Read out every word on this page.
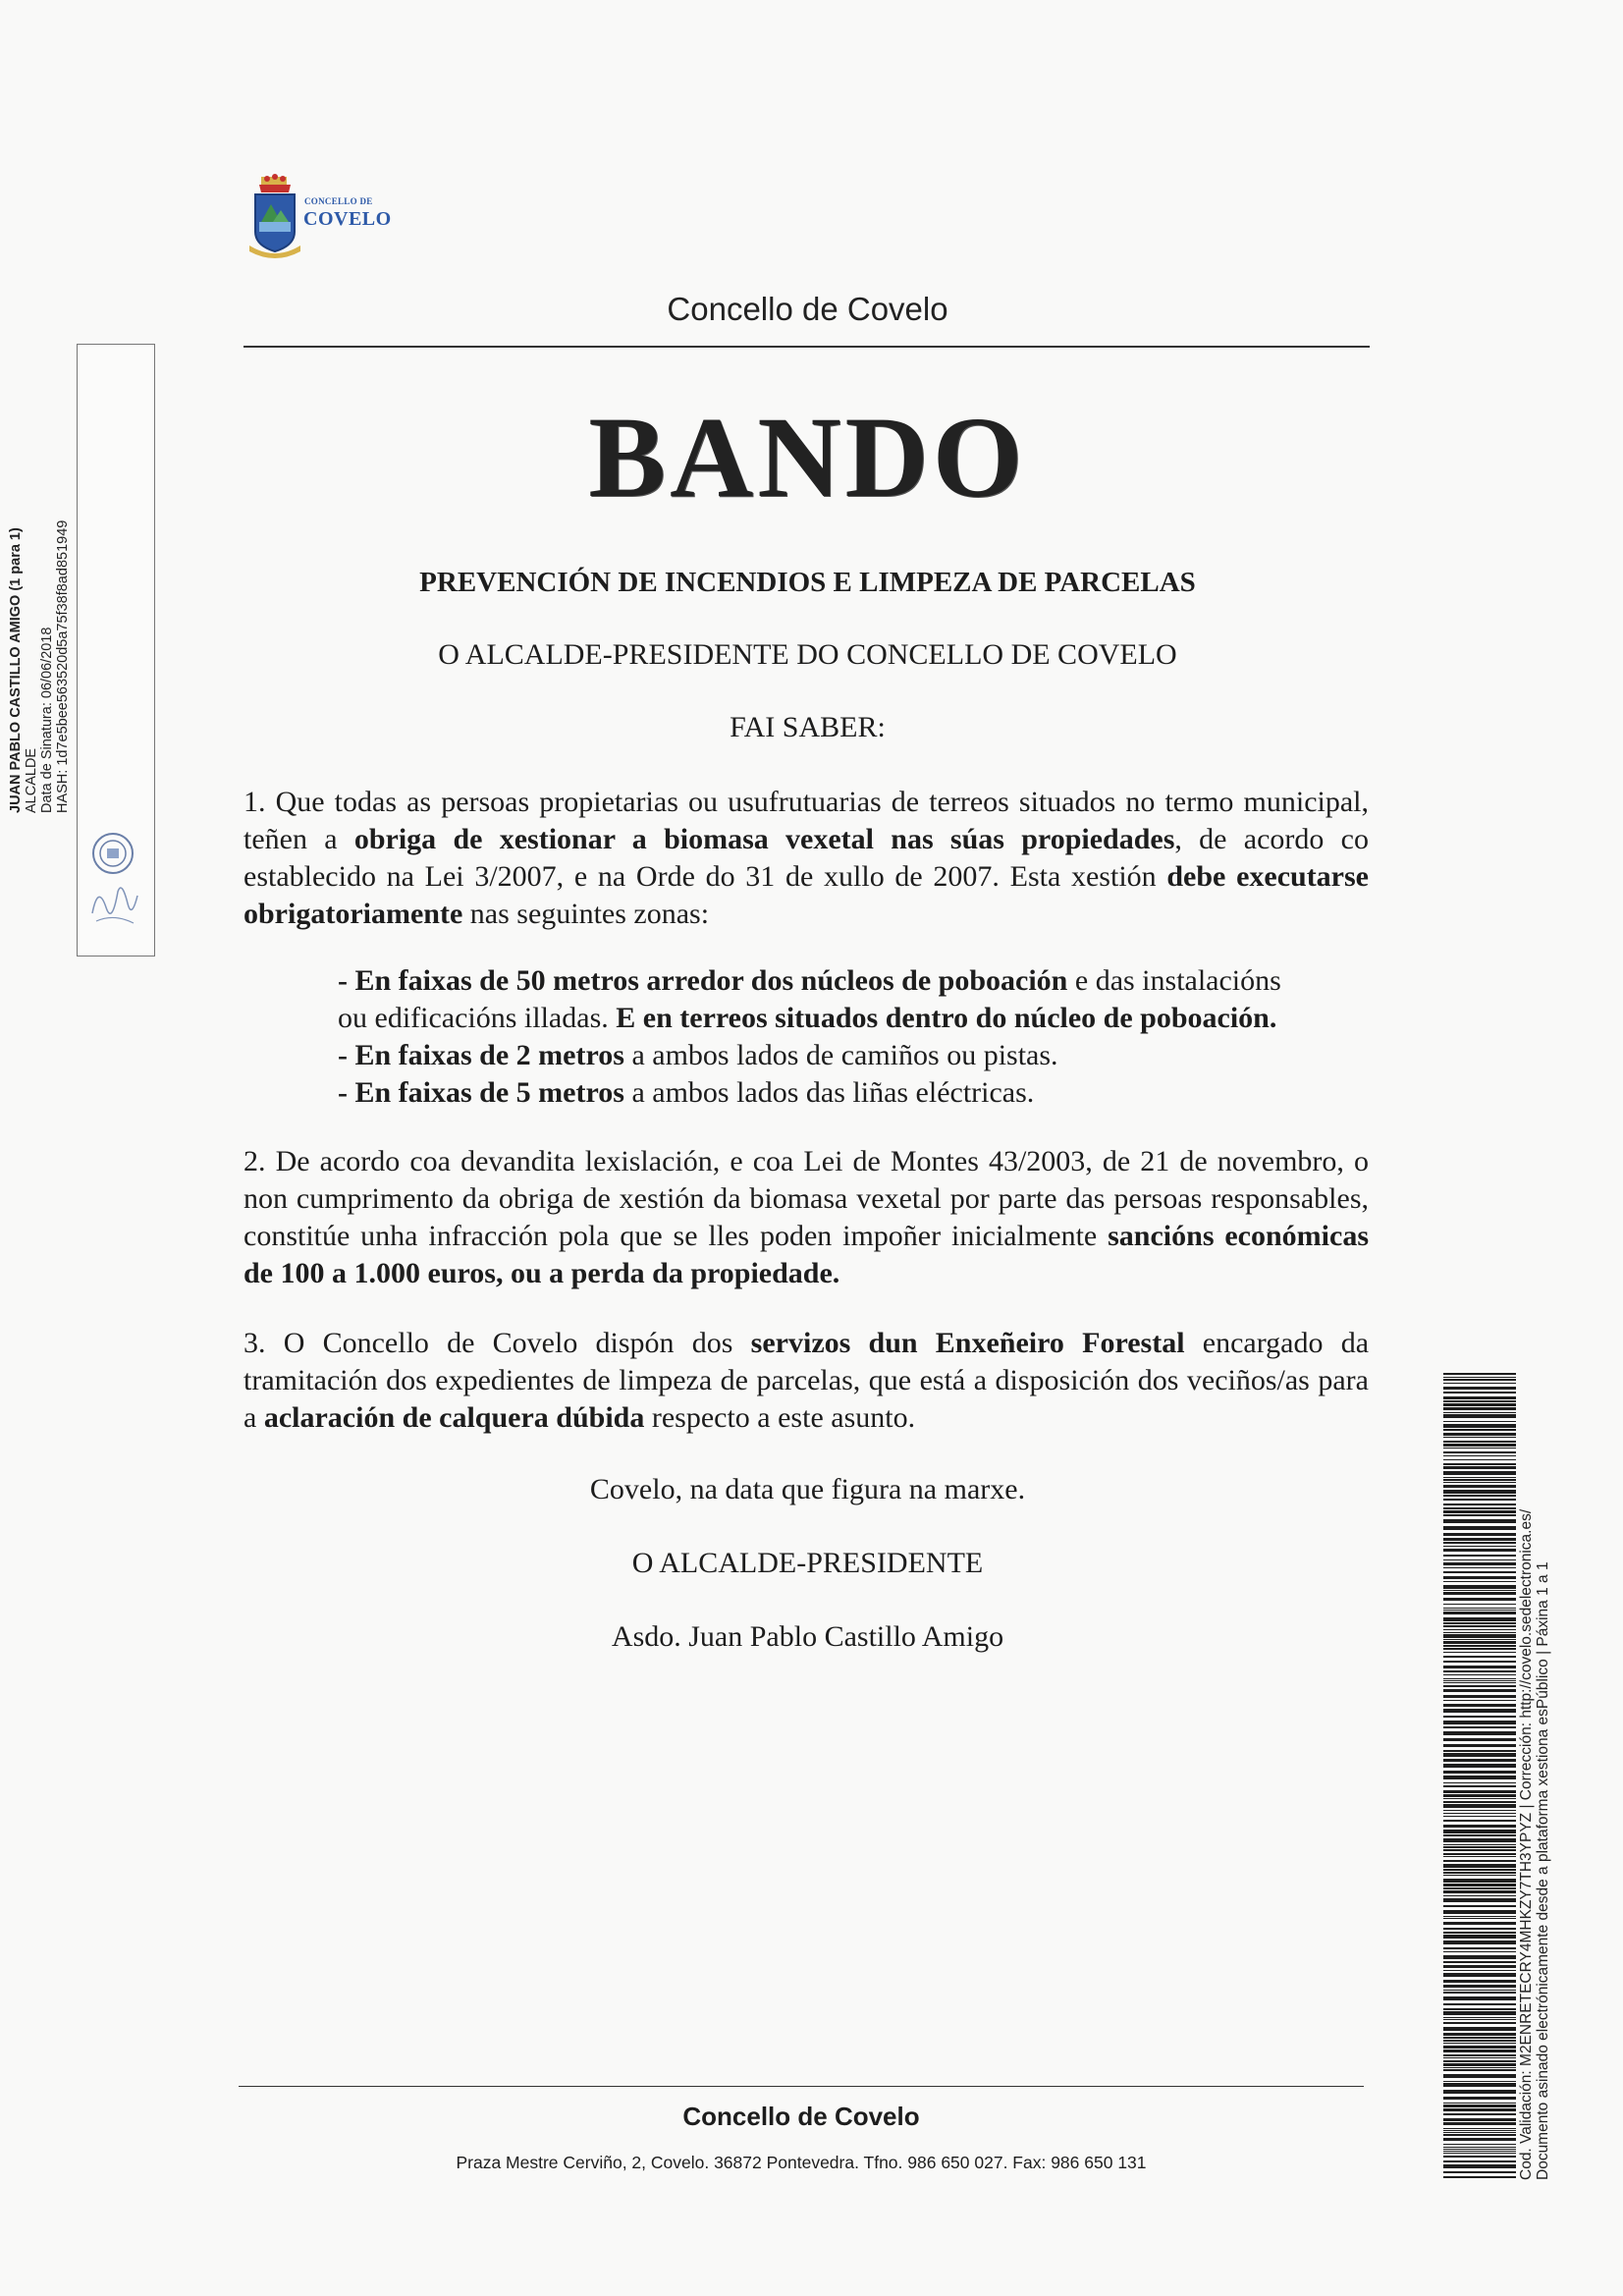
CONCELLO DE
COVELO
Concello de Covelo
BANDO
PREVENCIÓN DE INCENDIOS E LIMPEZA DE PARCELAS
O ALCALDE-PRESIDENTE DO CONCELLO DE COVELO
FAI SABER:
1. Que todas as persoas propietarias ou usufrutuarias de terreos situados no termo municipal, teñen a obriga de xestionar a biomasa vexetal nas súas propiedades, de acordo co establecido na Lei 3/2007, e na Orde do 31 de xullo de 2007. Esta xestión debe executarse obrigatoriamente nas seguintes zonas:
- En faixas de 50 metros arredor dos núcleos de poboación e das instalacións
ou edificacións illadas. E en terreos situados dentro do núcleo de poboación.
- En faixas de 2 metros a ambos lados de camiños ou pistas.
- En faixas de 5 metros a ambos lados das liñas eléctricas.
2. De acordo coa devandita lexislación, e coa Lei de Montes 43/2003, de 21 de novembro, o non cumprimento da obriga de xestión da biomasa vexetal por parte das persoas responsables, constitúe unha infracción pola que se lles poden impoñer inicialmente sancións económicas de 100 a 1.000 euros, ou a perda da propiedade.
3. O Concello de Covelo dispón dos servizos dun Enxeñeiro Forestal encargado da tramitación dos expedientes de limpeza de parcelas, que está a disposición dos veciños/as para a aclaración de calquera dúbida respecto a este asunto.
Covelo, na data que figura na marxe.
O ALCALDE-PRESIDENTE
Asdo. Juan Pablo Castillo Amigo
Concello de Covelo
Praza Mestre Cerviño, 2, Covelo. 36872 Pontevedra. Tfno. 986 650 027. Fax: 986 650 131
JUAN PABLO CASTILLO AMIGO (1 para 1) ALCALDE Data de Sinatura: 06/06/2018 HASH: 1d7e5bee563520d5a75f38f8ad851949
Cod. Validación: M2ENRETECRY4MHKZY7TH3YPYZ | Corrección: http://covelo.sedelectronica.es/ Documento asinado electrónicamente desde a plataforma xestiona esPúblico | Páxina 1 a 1
